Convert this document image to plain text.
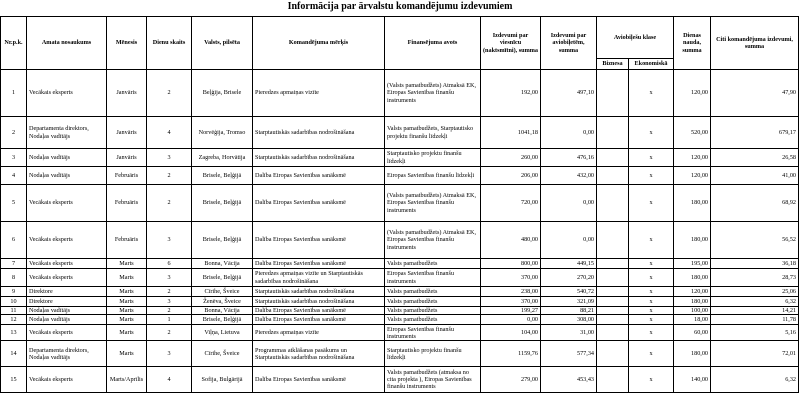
Informācija par ārvalstu komandējumu izdevumiem
Nr.p.k.	Amata nosaukums	Mēnesis	Dienu skaits	Valsts, pilsēta	Komandējuma mērķis	Finansējuma avots	Izdevumi par viesnīcu (naktsmītni), summa	Izdevumi par aviobiļetēm, summa	Aviobiļešu klase		Dienas nauda, summa	Citi komandējuma izdevumi, summa
									Biznesa	Ekonomiskā		
1	Vecākais eksperts	Janvāris	2	Beļģija, Brisele	Pieredzes apmaiņas vizīte	(Valsts pamatbudžets) Atmaksā EK, Eiropas Savienības finanšu instruments	192,00	497,10		x	120,00	47,90
2	Departamenta direktors, Nodaļas vadītājs	Janvāris	4	Norvēģija, Tromso	Starptautiskās sadarbības nodrošināšana	Valsts pamatbudžets, Starptautisko projektu finanšu līdzekļi	1041,18	0,00		x	520,00	679,17
3	Nodaļas vadītājs	Janvāris	3	Zagreba, Horvātija	Starptautiskās sadarbības nodrošināšana	Starptautisko projektu finanšu līdzekļi	260,00	476,16		x	120,00	26,58
4	Nodaļas vadītājs	Februāris	2	Brisele, Beļģijā	Dalība Eiropas Savienības sanāksmē	Eiropas Savienības finanšu līdzekļi	206,00	432,00		x	120,00	41,00
5	Vecākais eksperts	Februāris	2	Brisele, Beļģijā	Dalība Eiropas Savienības sanāksmē	(Valsts pamatbudžets) Atmaksā EK, Eiropas Savienības finanšu instruments	720,00	0,00		x	180,00	68,92
6	Vecākais eksperts	Februāris	3	Brisele, Beļģijā	Dalība Eiropas Savienības sanāksmē	(Valsts pamatbudžets) Atmaksā EK, Eiropas Savienības finanšu instruments	480,00	0,00		x	180,00	56,52
7	Vecākais eksperts	Marts	6	Bonna, Vācija	Dalība Eiropas Savienības sanāksmē	Valsts pamatbudžets	800,00	449,15		x	195,00	36,18
8	Vecākais eksperts	Marts	3	Brisele, Beļģijā	Pieredzes apmaiņas vizīte un Starptautiskās sadarbības nodrošināšana	Eiropas Savienības finanšu instruments	370,00	270,20		x	180,00	28,73
9	Direktore	Marts	2	Cīrihe, Šveice	Starptautiskās sadarbības nodrošināšana	Valsts pamatbudžets	238,00	540,72		x	120,00	25,06
10	Direktore	Marts	3	Ženēva, Šveice	Starptautiskās sadarbības nodrošināšana	Valsts pamatbudžets	370,00	321,09		x	180,00	6,32
11	Nodaļas vadītājs	Marts	2	Bonna, Vācija	Dalība Eiropas Savienības sanāksmē	Valsts pamatbudžets	199,27	88,21		x	100,00	14,21
12	Nodaļas vadītājs	Marts	1	Brisele, Beļģijā	Dalība Eiropas Savienības sanāksmē	Valsts pamatbudžets	0,00	308,00		x	18,00	11,78
13	Vecākais eksperts	Marts	2	Viļņa, Lietuva	Pieredzes apmaiņas vizīte	Eiropas Savienības finanšu instruments	104,00	31,00		x	60,00	5,16
14	Departamenta direktors, Nodaļas vadītājs	Marts	3	Cīrihe, Šveice	Programmas atklāšanas pasākums un Starptautiskās sadarbības nodrošināšana	Starptautisko projektu finanšu līdzekļi	1159,76	577,34		x	180,00	72,01
15	Vecākais eksperts	Marts/Aprīlis	4	Sofija, Bulgārijā	Dalība Eiropas Savienības sanāksmē	Valsts pamatbudžets (atmaksa no cita projekta ), Eiropas Savienības finanšu instruments	279,00	453,43		x	140,00	6,32
